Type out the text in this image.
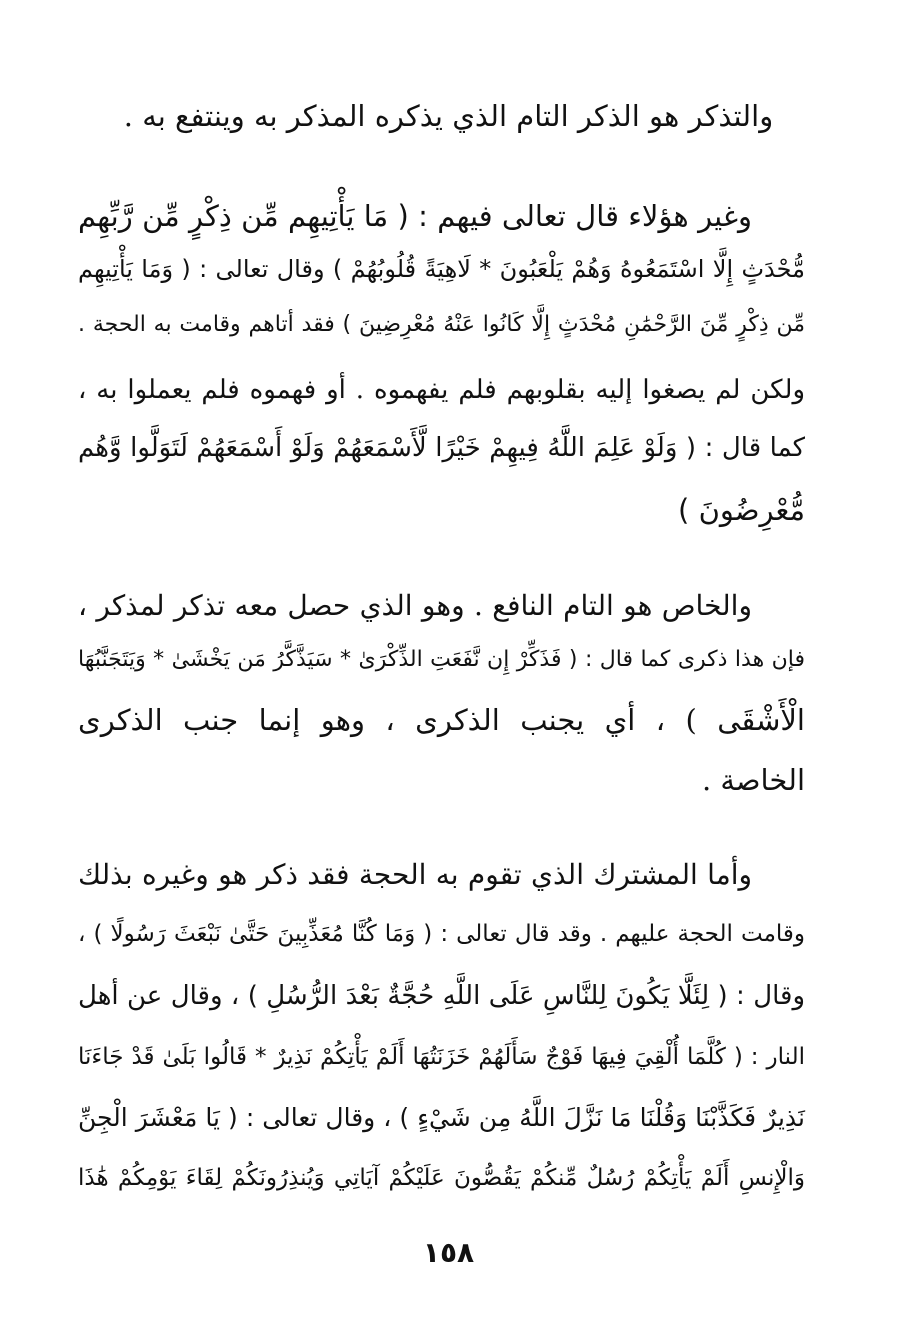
والتذكر هو الذكر التام الذي يذكره المذكر به وينتفع به .
وغير هؤلاء قال تعالى فيهم : ( مَا يَأْتِيهِم مِّن ذِكْرٍ مِّن رَّبِّهِم
مُّحْدَثٍ إِلَّا اسْتَمَعُوهُ وَهُمْ يَلْعَبُونَ * لَاهِيَةً قُلُوبُهُمْ ) وقال تعالى : ( وَمَا يَأْتِيهِم
مِّن ذِكْرٍ مِّنَ الرَّحْمَٰنِ مُحْدَثٍ إِلَّا كَانُوا عَنْهُ مُعْرِضِينَ ) فقد أتاهم وقامت به الحجة .
ولكن لم يصغوا إليه بقلوبهم فلم يفهموه . أو فهموه فلم يعملوا به ،
كما قال : ( وَلَوْ عَلِمَ اللَّهُ فِيهِمْ خَيْرًا لَّأَسْمَعَهُمْ وَلَوْ أَسْمَعَهُمْ لَتَوَلَّوا وَّهُم
مُّعْرِضُونَ )
والخاص هو التام النافع . وهو الذي حصل معه تذكر لمذكر ،
فإن هذا ذكرى كما قال : ( فَذَكِّرْ إِن نَّفَعَتِ الذِّكْرَىٰ * سَيَذَّكَّرُ مَن يَخْشَىٰ * وَيَتَجَنَّبُهَا
الْأَشْقَى ) ، أي يجنب الذكرى ، وهو إنما جنب الذكرى
الخاصة .
وأما المشترك الذي تقوم به الحجة فقد ذكر هو وغيره بذلك
وقامت الحجة عليهم . وقد قال تعالى : ( وَمَا كُنَّا مُعَذِّبِينَ حَتَّىٰ نَبْعَثَ رَسُولًا ) ،
وقال : ( لِئَلَّا يَكُونَ لِلنَّاسِ عَلَى اللَّهِ حُجَّةٌ بَعْدَ الرُّسُلِ ) ، وقال عن أهل
النار : ( كُلَّمَا أُلْقِيَ فِيهَا فَوْجٌ سَأَلَهُمْ خَزَنَتُهَا أَلَمْ يَأْتِكُمْ نَذِيرٌ * قَالُوا بَلَىٰ قَدْ جَاءَنَا
نَذِيرٌ فَكَذَّبْنَا وَقُلْنَا مَا نَزَّلَ اللَّهُ مِن شَيْءٍ ) ، وقال تعالى : ( يَا مَعْشَرَ الْجِنِّ
وَالْإِنسِ أَلَمْ يَأْتِكُمْ رُسُلٌ مِّنكُمْ يَقُصُّونَ عَلَيْكُمْ آيَاتِي وَيُنذِرُونَكُمْ لِقَاءَ يَوْمِكُمْ هَٰذَا
١٥٨
